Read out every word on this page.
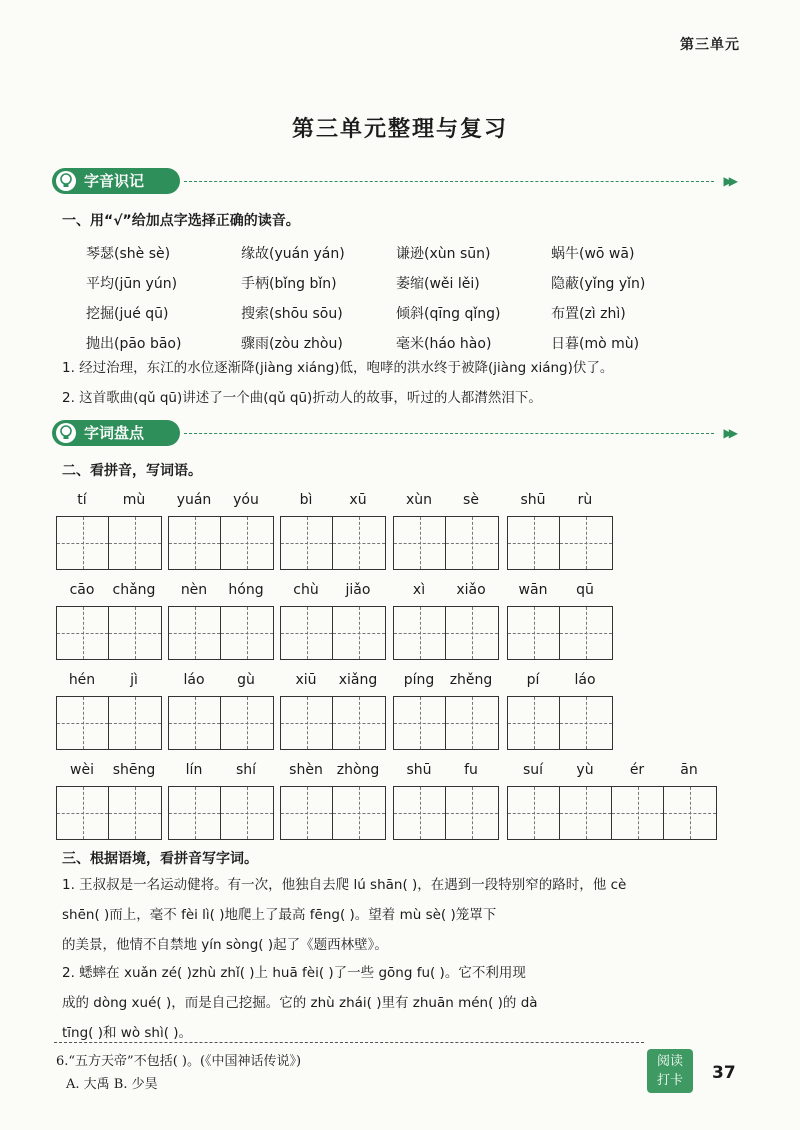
第三单元
第三单元整理与复习
字音识记	▶▶
一、用“√”给加点字选择正确的读音。
琴瑟(shè sè)	缘故(yuán yán)	谦逊(xùn sūn)	蜗牛(wō wā)
平均(jūn yún)	手柄(bǐng bǐn)	萎缩(wěi lěi)	隐蔽(yǐng yǐn)
挖掘(jué qū)	搜索(shōu sōu)	倾斜(qīng qǐng)	布置(zì zhì)
抛出(pāo bāo)	骤雨(zòu zhòu)	毫米(háo hào)	日暮(mò mù)
1. 经过治理，东江的水位逐渐降(jiàng xiáng)低，咆哮的洪水终于被降(jiàng xiáng)伏了。
2. 这首歌曲(qǔ qū)讲述了一个曲(qǔ qū)折动人的故事，听过的人都潸然泪下。
字词盘点	▶▶
二、看拼音，写词语。
tí	mù	yuán	yóu	bì	xū	xùn	sè	shū	rù
cāo	chǎng	nèn	hóng	chù	jiǎo	xì	xiǎo	wān	qū
hén	jì	láo	gù	xiū	xiǎng	píng	zhěng	pí	láo
wèi	shēng	lín	shí	shèn zhòng	shū	fu	suí	yù	ér	ān
三、根据语境，看拼音写字词。
1. 王叔叔是一名运动健将。有一次，他独自去爬 lú shān( )，在遇到一段特别窄的路时，他 cè
shēn( )而上，毫不 fèi lì( )地爬上了最高 fēng( )。望着 mù sè( )笼罩下
的美景，他情不自禁地 yín sòng( )起了《题西林壁》。
2. 蟋蟀在 xuǎn zé( )zhù zhǐ( )上 huā fèi( )了一些 gōng fu( )。它不利用现
成的 dòng xué( )，而是自己挖掘。它的 zhù zhái( )里有 zhuān mén( )的 dà
tīng( )和 wò shì( )。
6.“五方天帝”不包括( )。(《中国神话传说》)
A. 大禹 B. 少昊
阅读
打卡	37
